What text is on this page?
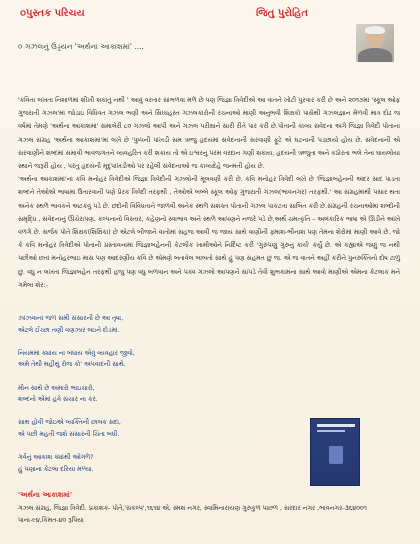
૦પુસ્તક પરિચય	જિતુ પુરોહિત
૦ ગઝલનું ઉડ્ડયન 'અર્થના આકાશમાં' ....

'કવિતા લખતા નિશાળમાં શીખી શકાતું નથી ' આવું વરતાર સાંભળવા મળે છે પણ જિજ્ઞા ત્રિવેદીએ આ વાતને ખોટી પુરવાર કરી છે અને ૨૦૧૭માં 'સ્કૂલ ઓફ ગુજરાતી ગઝલ'માં જોડાઇ વિધિવત ગઝલ ભણી અને સિધ્ધહસ્ત ગઝલકારોની રચનાઓ માણી અનુભવી શિક્ષકો પાસેથી ગઝલજ્ઞાન મેળવી માત્ર દોઢ જ વર્ષમાં તેમણે 'અર્થના આકાશમાં' સમાલેરી ૮૦ ગઝલો આપી અને ગઝલ પરીક્ષાને સારી રીતે પાર કરી છે.પોતાની કાવ્ય સંવેદના અંગે જિજ્ઞા ત્રિવેદી પોતાના ગઝલ સંગ્રહ 'અર્થના આકાશમાં'માં લખે છે 'પુષ્પની પાંખડી સમ ઋજુ હૃદયમાં સંવેદનાની સરવાણી ફૂટે એ ઘટનાની પડછાયો હોય છે. સંવેદનાની એ સરવાણીને શબ્દમાં સમાવી ભાવજગતને વ્યવહરિત કરી શકાય તો એ ઇશ્વરનું પરમ વરદાન ગણી શકાય. હૃદયની ઋજુતા અને કઠોરતા ભલે તેના ઘાયલોયા સ્થાને જરૂરી હોય , પરંતુ હૃદયની મૃદુપાંખડીઓ પર રહેલી સંવેદનાઓ જ કાવ્યદેહે જન્મતી હોય છે.

'અર્થના આકાશમાં'નાં કવિ મનોહર ત્રિવેદીએ જિજ્ઞા ત્રિવેદીની ગઝલોની મૂલવણી કરી છે. કવિ મનોહર ત્રિવેદી લખે છે 'જિજ્ઞાબહેનની અંદર સાદ પાડતા શબ્દને તેઓએ ભાષામાં ઉતારવાની પણે પ્રેરક ત્રિવેદી તરફથી , તેઓએ બબ્બે સ્કૂલ ઓફ ગુજરાતી ગઝલ(ભાવનગર) તરફથી.' આ સંગ્રહમાંથી પસાર થતા અનેક સ્થળે ભાવકને અટકવું પડે છે. છંદોની વિવિધતાને જાળવી અનેક સ્થળે સશક્ત પોતાની ગઝલ પાકટતા સાબિત કરી છે.સંગ્રહની રચનાઓમાં શબ્દોની સમૃદ્ધિ , સંવેદનાનું ઊંચેરાપણ, કલ્પનાનો વિસ્તાર, કહેણનો સ્વાભાવ અને સ્થળે આપણને નજરે પડે છે.અર્થ ચમત્કૃતિ – અલંકારિક ભાષા એ ઊડીને આંખે વળગે છે. સર્જક પોતે શિક્ષક(શિક્ષિકા) છે એટલે બીજાને વાતોમાં સહજ આવી જ જાય સાથે વાણીની ફ્માશ-ભીનાશ પણ તેમના શેરોમાં માણી આવે છે. જો કે કવિ મનોહર ત્રિવેદીએ પોતાની પ્રસ્તાવનામાં જિજ્ઞાબહેનની કેટલીક ખામીઓને નિર્દિષ્ટ કરી 'ગુરુપણું ગુરુનું કાર્ય' કર્યું છે. એ કહ્યાએ જણું જ નથી પછીઓ છતાં મનોહરભાઇ માસ પણ આદરણીય કવિ છે એમણે બતાવેલ બાબતો સાથે હું પણ સહમત છું જ. એ જ વાતને અહીં કરીને પુનરુક્તિનો દોષ ટાળું છું. વધુ ન લખતા જિજ્ઞાબહેન તરફથી હજુ પણ વધુ બળવાન અને પક્વ ગઝલો આપણને સાંપડે તેવી શુભકામના સાથે આવો માણીએ એમના કેટલાક મને ગમેલા શેર:-

ઝાંઝવાનાં જળ સમી સંસારની છે આ તૃષા,
એટલે ઈચ્છા તણી વણઝાર લઇને દોડમાં.
નિયમમાં ક્યાંય ના બંધાય એવું વ્યવહાર જીવો,
અમે તેથી મહીથું રોજ કો' અપવાદની સાથે.
મૌન સાથે છે અમારો ભાઇચારો,
શબ્દનો એમાં હવે સંચાર ના કર.
સાથ હોવી જોઇએ વ્યક્તિની છાલક સદા,
એ પછી મહતી જશે સંસારની ચિંતા બધી.
ગર્વનું આકાશ ક્યાંથી ઓગળે?
હું પણાના કેટલા દરિયા મળ્યા.
'અર્થના આકાશમાં'
ગઝલ સંગ્રહ, જિજ્ઞા ત્રિવેદી. પ્રકાશક- પોતે,'સંકલ્પ',૧૬૧૪ એ, સ્મશ નગર, સ્વામિનારાયણ ગુરુકુળ પાછળ , સરદાર નગર ,ભાવનગર-૩૬૪૦૦૧ પાના-૯૪,કિંમત-૪૦ રૂપિયા
